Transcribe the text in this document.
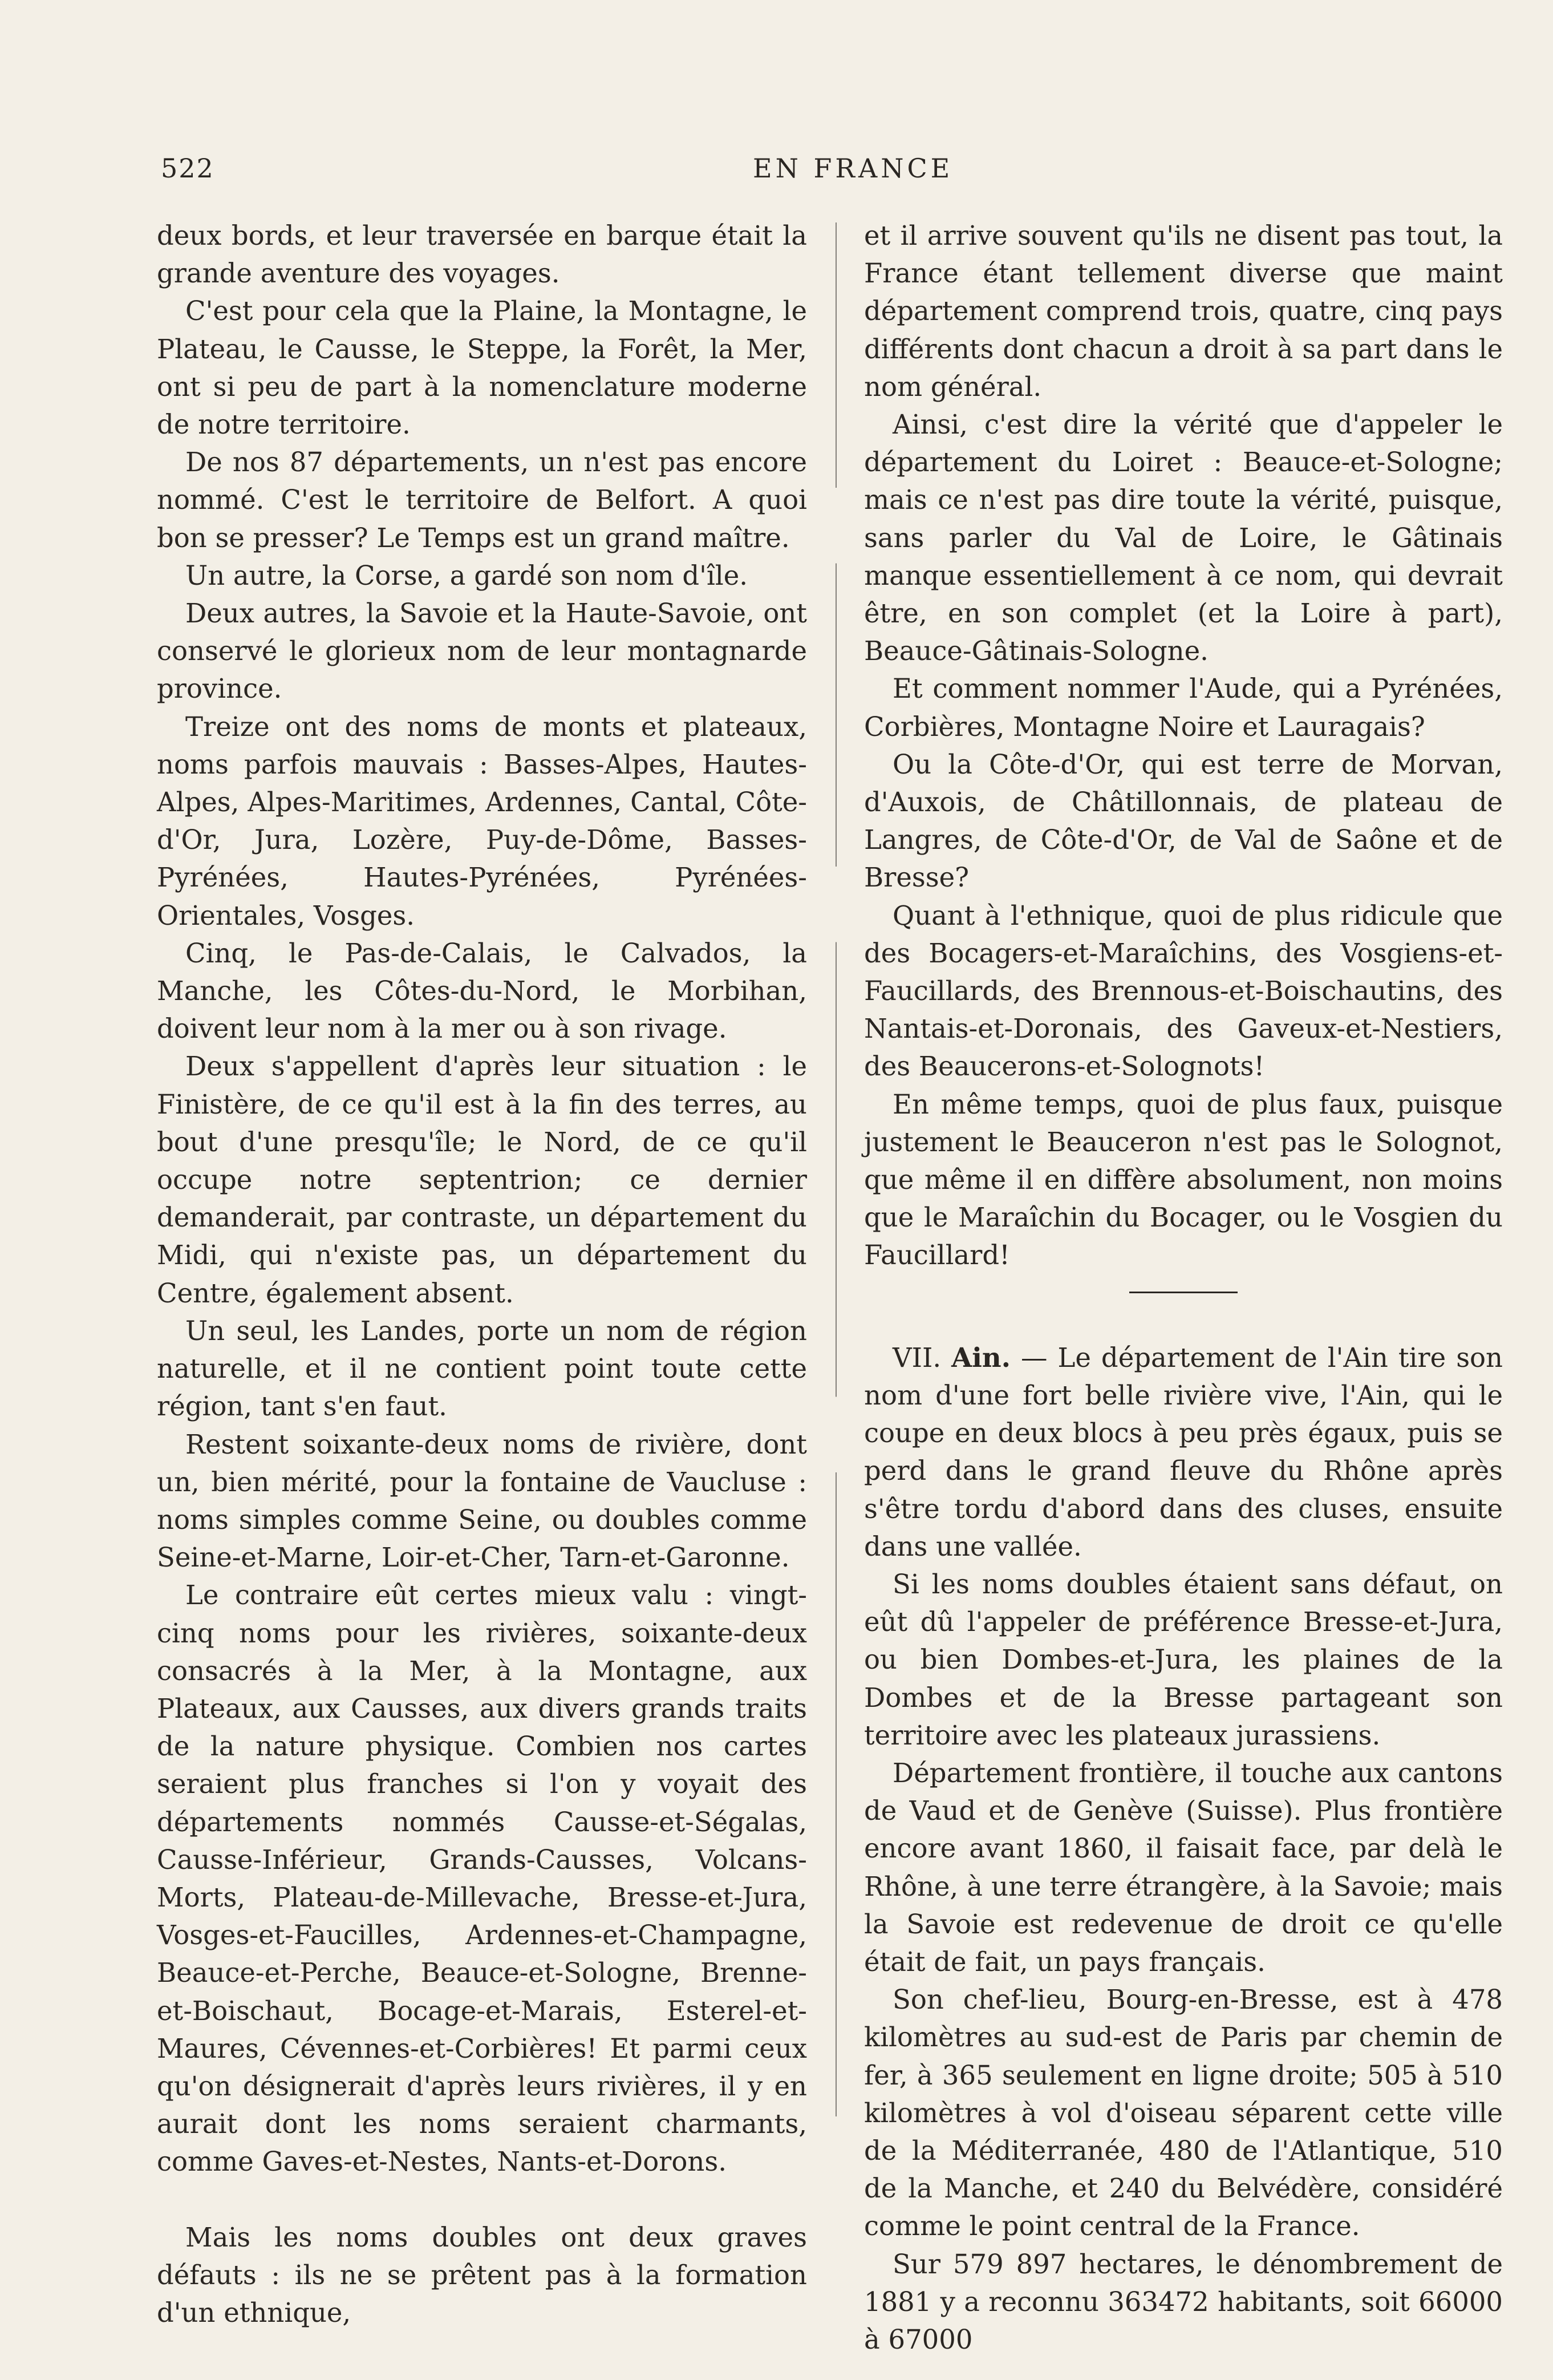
522	EN FRANCE

deux bords, et leur traversée en barque était la grande aventure des voyages.

C'est pour cela que la Plaine, la Montagne, le Plateau, le Causse, le Steppe, la Forêt, la Mer, ont si peu de part à la nomenclature moderne de notre territoire.

De nos 87 départements, un n'est pas encore nommé. C'est le territoire de Belfort. A quoi bon se presser? Le Temps est un grand maître.

Un autre, la Corse, a gardé son nom d'île.

Deux autres, la Savoie et la Haute-Savoie, ont conservé le glorieux nom de leur montagnarde province.

Treize ont des noms de monts et plateaux, noms parfois mauvais : Basses-Alpes, Hautes-Alpes, Alpes-Maritimes, Ardennes, Cantal, Côte-d'Or, Jura, Lozère, Puy-de-Dôme, Basses-Pyrénées, Hautes-Pyrénées, Pyrénées-Orientales, Vosges.

Cinq, le Pas-de-Calais, le Calvados, la Manche, les Côtes-du-Nord, le Morbihan, doivent leur nom à la mer ou à son rivage.

Deux s'appellent d'après leur situation : le Finistère, de ce qu'il est à la fin des terres, au bout d'une presqu'île; le Nord, de ce qu'il occupe notre septentrion; ce dernier demanderait, par contraste, un département du Midi, qui n'existe pas, un département du Centre, également absent.

Un seul, les Landes, porte un nom de région naturelle, et il ne contient point toute cette région, tant s'en faut.

Restent soixante-deux noms de rivière, dont un, bien mérité, pour la fontaine de Vaucluse : noms simples comme Seine, ou doubles comme Seine-et-Marne, Loir-et-Cher, Tarn-et-Garonne.

Le contraire eût certes mieux valu : vingt-cinq noms pour les rivières, soixante-deux consacrés à la Mer, à la Montagne, aux Plateaux, aux Causses, aux divers grands traits de la nature physique. Combien nos cartes seraient plus franches si l'on y voyait des départements nommés Causse-et-Ségalas, Causse-Inférieur, Grands-Causses, Volcans-Morts, Plateau-de-Millevache, Bresse-et-Jura, Vosges-et-Faucilles, Ardennes-et-Champagne, Beauce-et-Perche, Beauce-et-Sologne, Brenne-et-Boischaut, Bocage-et-Marais, Esterel-et-Maures, Cévennes-et-Corbières! Et parmi ceux qu'on désignerait d'après leurs rivières, il y en aurait dont les noms seraient charmants, comme Gaves-et-Nestes, Nants-et-Dorons.

Mais les noms doubles ont deux graves défauts : ils ne se prêtent pas à la formation d'un ethnique,

et il arrive souvent qu'ils ne disent pas tout, la France étant tellement diverse que maint département comprend trois, quatre, cinq pays différents dont chacun a droit à sa part dans le nom général.

Ainsi, c'est dire la vérité que d'appeler le département du Loiret : Beauce-et-Sologne; mais ce n'est pas dire toute la vérité, puisque, sans parler du Val de Loire, le Gâtinais manque essentiellement à ce nom, qui devrait être, en son complet (et la Loire à part), Beauce-Gâtinais-Sologne.

Et comment nommer l'Aude, qui a Pyrénées, Corbières, Montagne Noire et Lauragais?

Ou la Côte-d'Or, qui est terre de Morvan, d'Auxois, de Châtillonnais, de plateau de Langres, de Côte-d'Or, de Val de Saône et de Bresse?

Quant à l'ethnique, quoi de plus ridicule que des Bocagers-et-Maraîchins, des Vosgiens-et-Faucillards, des Brennous-et-Boischautins, des Nantais-et-Doronais, des Gaveux-et-Nestiers, des Beaucerons-et-Solognots!

En même temps, quoi de plus faux, puisque justement le Beauceron n'est pas le Solognot, que même il en diffère absolument, non moins que le Maraîchin du Bocager, ou le Vosgien du Faucillard!

VII. Ain. — Le département de l'Ain tire son nom d'une fort belle rivière vive, l'Ain, qui le coupe en deux blocs à peu près égaux, puis se perd dans le grand fleuve du Rhône après s'être tordu d'abord dans des cluses, ensuite dans une vallée.

Si les noms doubles étaient sans défaut, on eût dû l'appeler de préférence Bresse-et-Jura, ou bien Dombes-et-Jura, les plaines de la Dombes et de la Bresse partageant son territoire avec les plateaux jurassiens.

Département frontière, il touche aux cantons de Vaud et de Genève (Suisse). Plus frontière encore avant 1860, il faisait face, par delà le Rhône, à une terre étrangère, à la Savoie; mais la Savoie est redevenue de droit ce qu'elle était de fait, un pays français.

Son chef-lieu, Bourg-en-Bresse, est à 478 kilomètres au sud-est de Paris par chemin de fer, à 365 seulement en ligne droite; 505 à 510 kilomètres à vol d'oiseau séparent cette ville de la Méditerranée, 480 de l'Atlantique, 510 de la Manche, et 240 du Belvédère, considéré comme le point central de la France.

Sur 579 897 hectares, le dénombrement de 1881 y a reconnu 363472 habitants, soit 66000 à 67000
